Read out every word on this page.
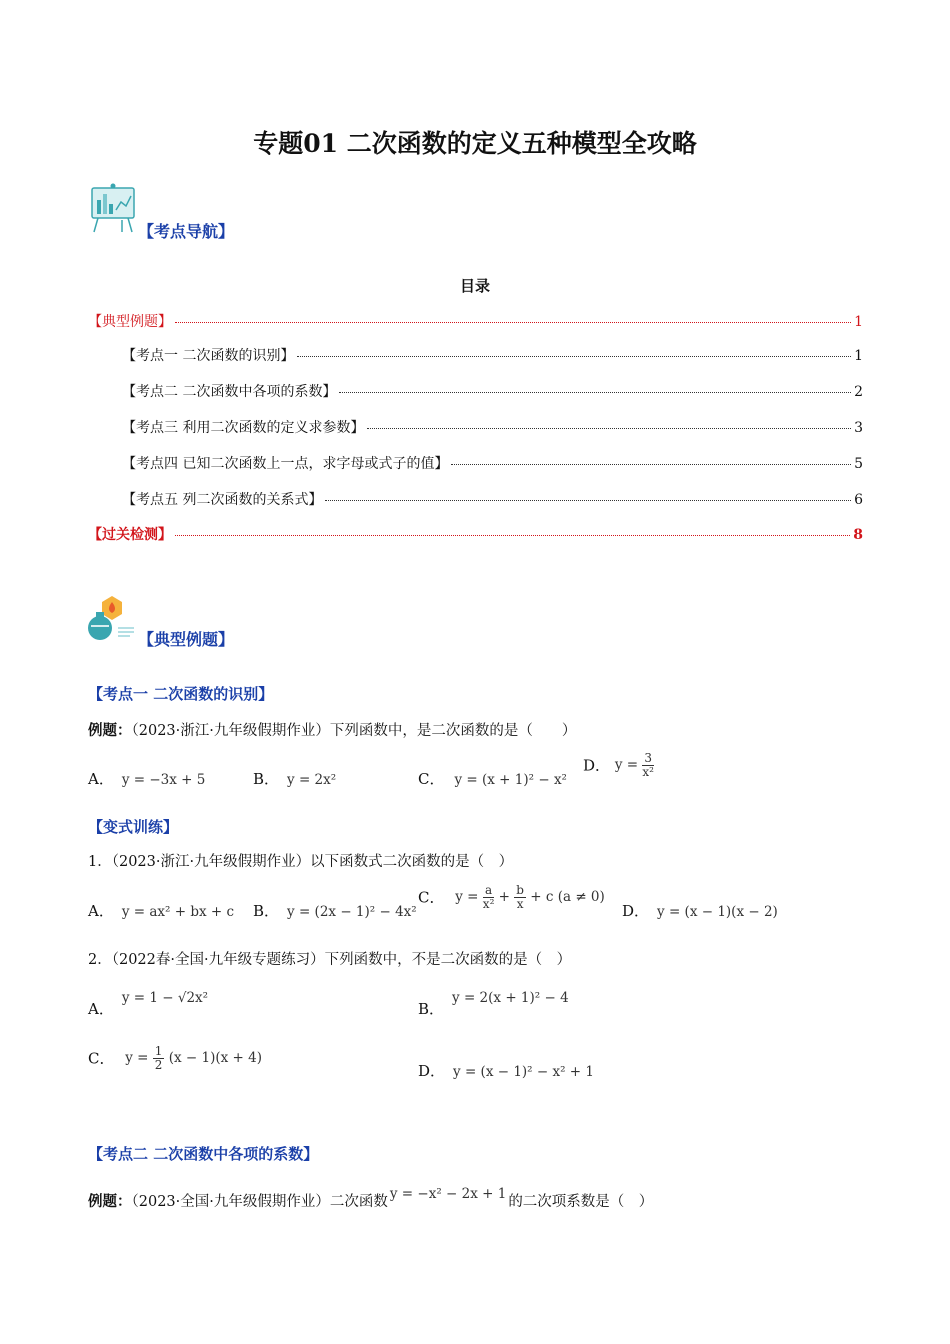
专题01 二次函数的定义五种模型全攻略
【考点导航】
目录
【典型例题】	1
【考点一 二次函数的识别】	1
【考点二 二次函数中各项的系数】	2
【考点三 利用二次函数的定义求参数】	3
【考点四 已知二次函数上一点，求字母或式子的值】	5
【考点五 列二次函数的关系式】	6
【过关检测】	8
【典型例题】
【考点一 二次函数的识别】
例题：（2023·浙江·九年级假期作业）下列函数中，是二次函数的是（　　）
A． y = −3x + 5	B． y = 2x²	C． y = (x + 1)² − x²
D． $y = \frac{3}{\text{x²}}$
【变式训练】
1．（2023·浙江·九年级假期作业）以下函数式二次函数的是（　）
A． y = ax² + bx + c B． y = (2x − 1)² − 4x²
C． $y = \frac{a}{\text{x²}} + \frac{b}{x} + c$ (a ≠ 0)
D． y = (x − 1)(x − 2)
2．（2022春·全国·九年级专题练习）下列函数中，不是二次函数的是（　）
A．y = 1 − √2x²
B．y = 2(x + 1)² − 4
C． $y = \frac{1}{2} (x - 1)(x + 4)$
D． y = (x − 1)² − x² + 1
【考点二 二次函数中各项的系数】
例题：（2023·全国·九年级假期作业）二次函数 y = −x² − 2x + 1 的二次项系数是（　）
